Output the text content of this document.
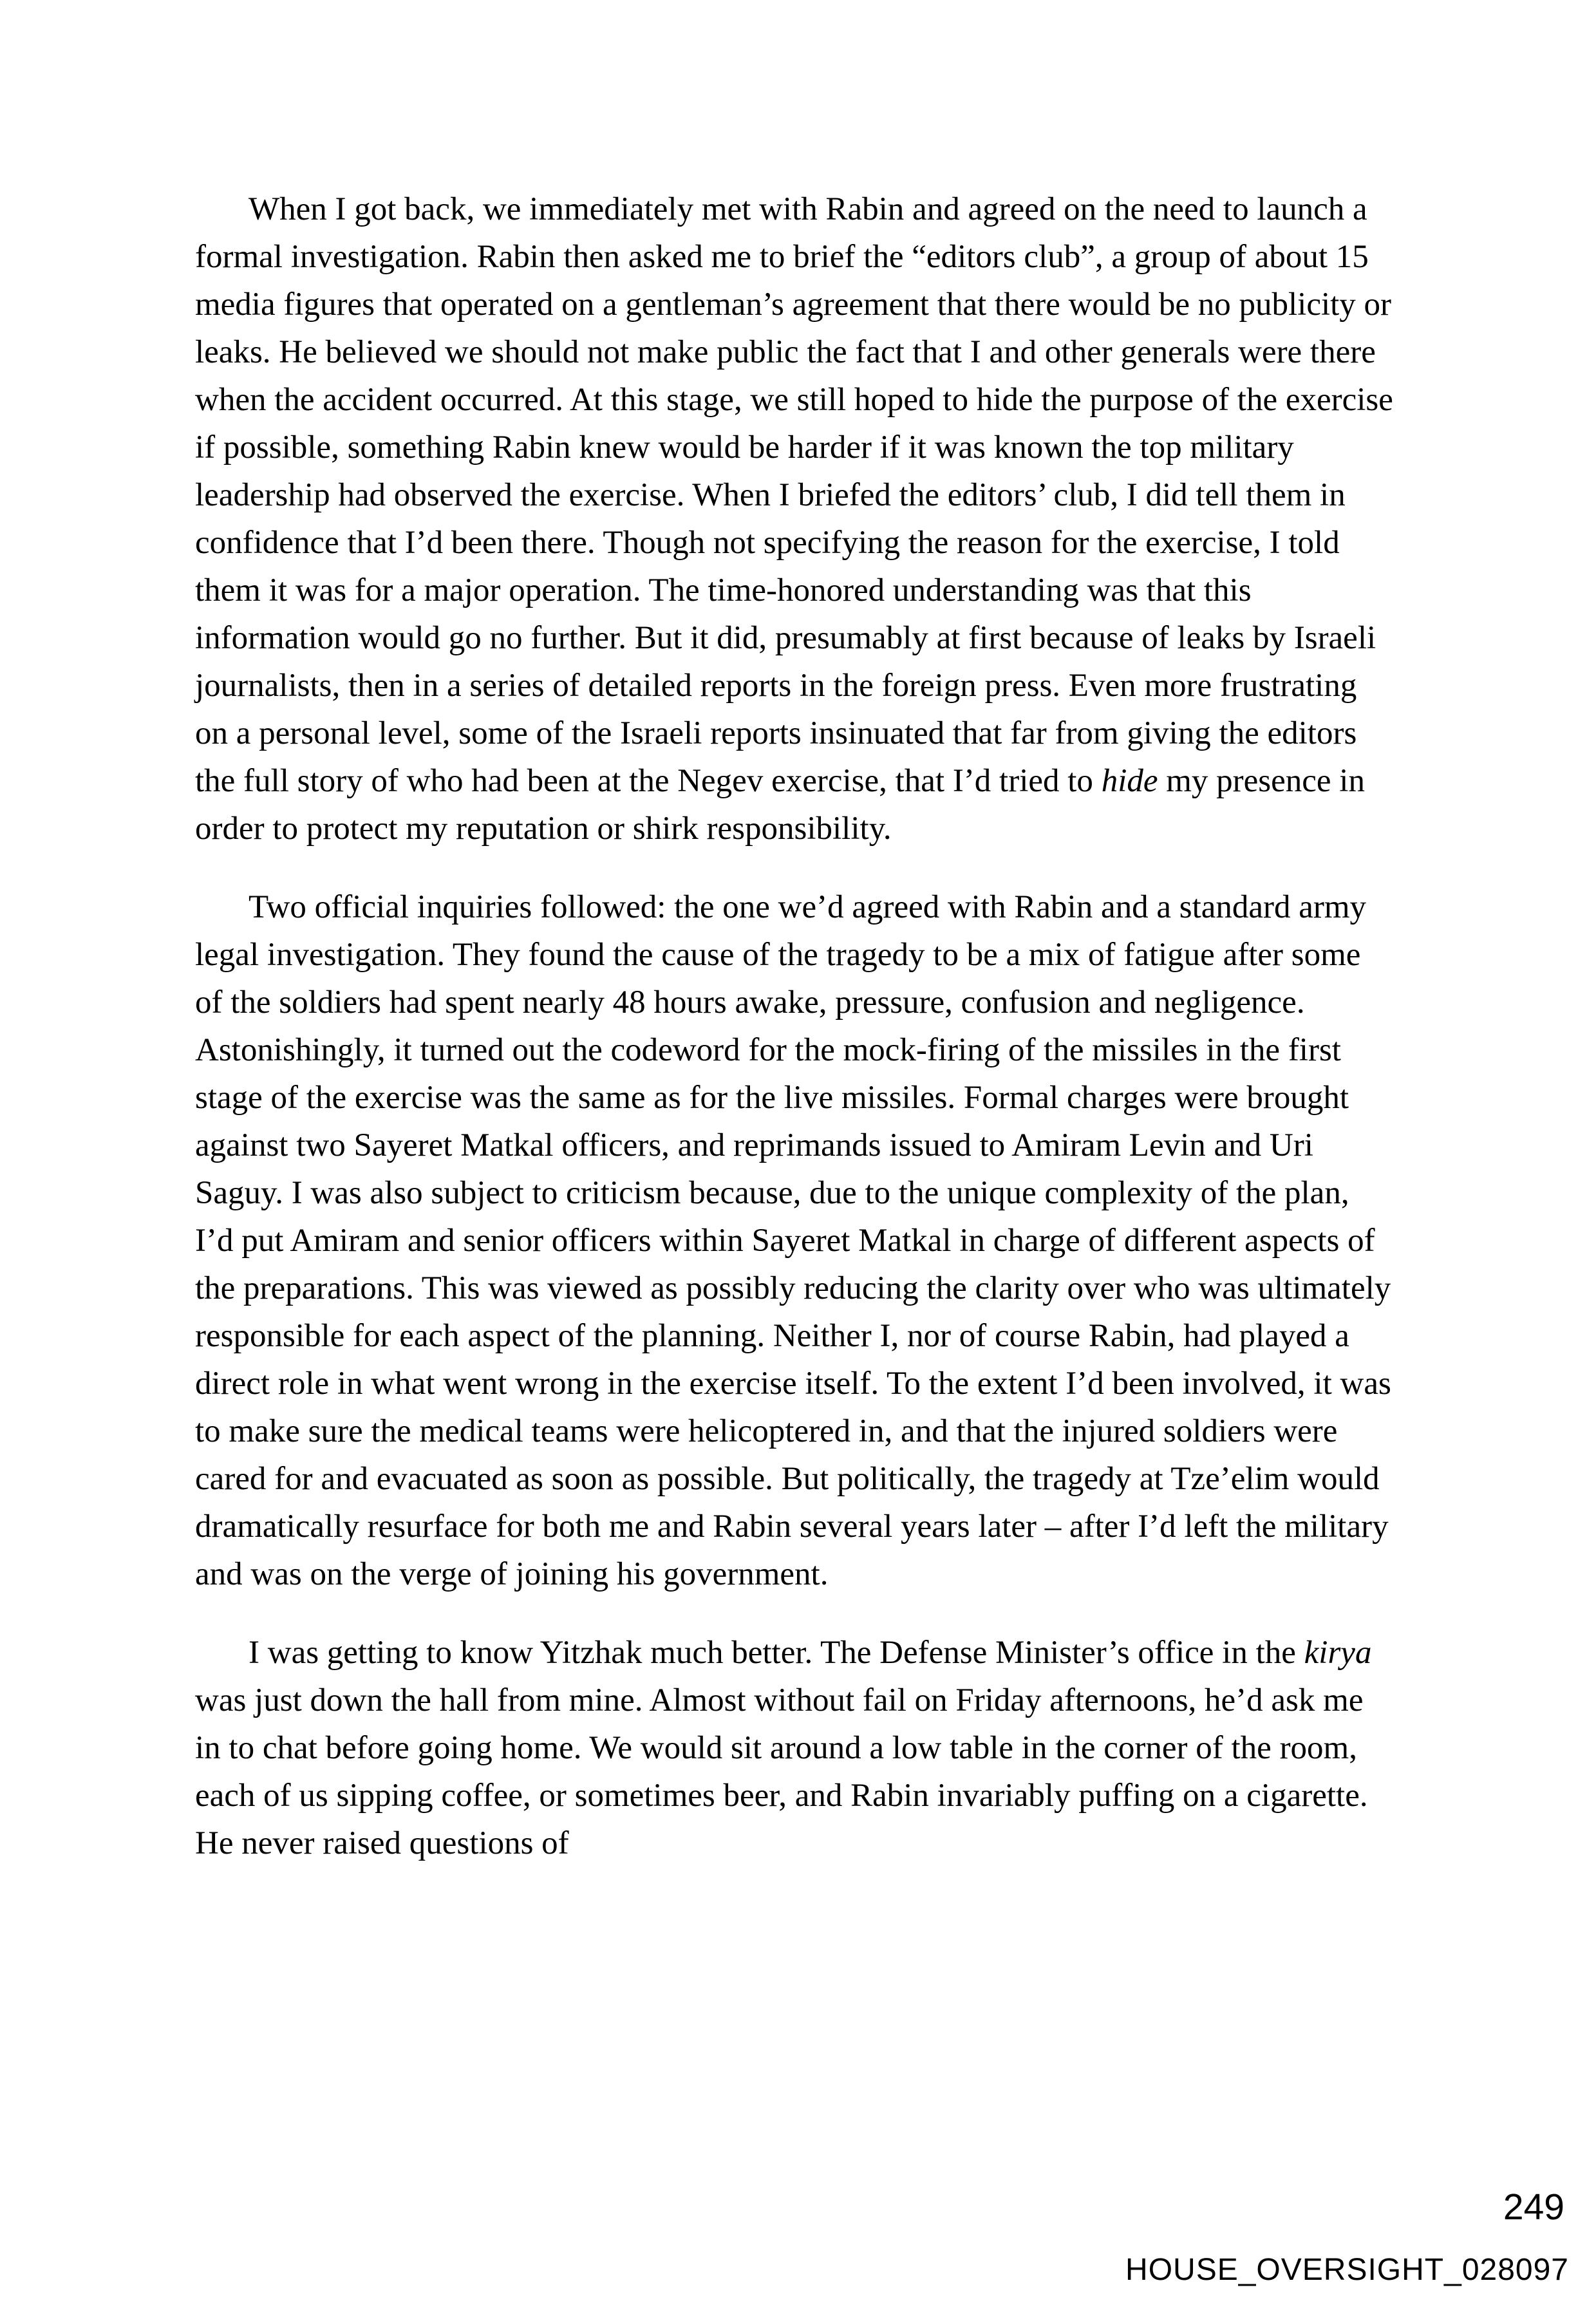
When I got back, we immediately met with Rabin and agreed on the need to launch a formal investigation. Rabin then asked me to brief the “editors club”, a group of about 15 media figures that operated on a gentleman’s agreement that there would be no publicity or leaks. He believed we should not make public the fact that I and other generals were there when the accident occurred. At this stage, we still hoped to hide the purpose of the exercise if possible, something Rabin knew would be harder if it was known the top military leadership had observed the exercise. When I briefed the editors’ club, I did tell them in confidence that I’d been there. Though not specifying the reason for the exercise, I told them it was for a major operation. The time-honored understanding was that this information would go no further. But it did, presumably at first because of leaks by Israeli journalists, then in a series of detailed reports in the foreign press. Even more frustrating on a personal level, some of the Israeli reports insinuated that far from giving the editors the full story of who had been at the Negev exercise, that I’d tried to hide my presence in order to protect my reputation or shirk responsibility.

Two official inquiries followed: the one we’d agreed with Rabin and a standard army legal investigation. They found the cause of the tragedy to be a mix of fatigue after some of the soldiers had spent nearly 48 hours awake, pressure, confusion and negligence. Astonishingly, it turned out the codeword for the mock-firing of the missiles in the first stage of the exercise was the same as for the live missiles. Formal charges were brought against two Sayeret Matkal officers, and reprimands issued to Amiram Levin and Uri Saguy. I was also subject to criticism because, due to the unique complexity of the plan, I’d put Amiram and senior officers within Sayeret Matkal in charge of different aspects of the preparations. This was viewed as possibly reducing the clarity over who was ultimately responsible for each aspect of the planning. Neither I, nor of course Rabin, had played a direct role in what went wrong in the exercise itself. To the extent I’d been involved, it was to make sure the medical teams were helicoptered in, and that the injured soldiers were cared for and evacuated as soon as possible. But politically, the tragedy at Tze’elim would dramatically resurface for both me and Rabin several years later – after I’d left the military and was on the verge of joining his government.

I was getting to know Yitzhak much better. The Defense Minister’s office in the kirya was just down the hall from mine. Almost without fail on Friday afternoons, he’d ask me in to chat before going home. We would sit around a low table in the corner of the room, each of us sipping coffee, or sometimes beer, and Rabin invariably puffing on a cigarette. He never raised questions of

249
HOUSE_OVERSIGHT_028097
